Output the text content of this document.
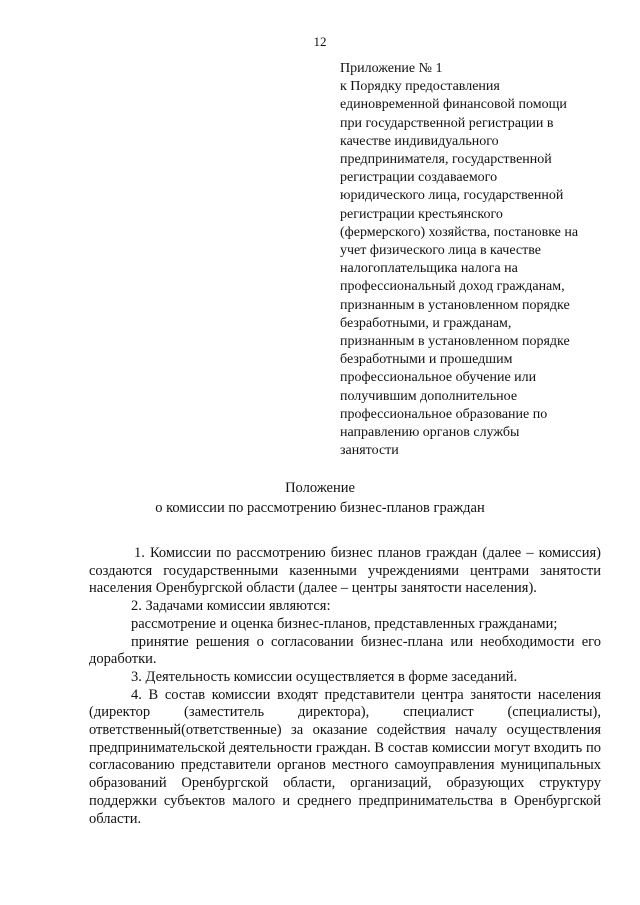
12
Приложение № 1
к Порядку предоставления
единовременной финансовой помощи
при государственной регистрации в
качестве индивидуального
предпринимателя, государственной
регистрации создаваемого
юридического лица, государственной
регистрации крестьянского
(фермерского) хозяйства, постановке на
учет физического лица в качестве
налогоплательщика налога на
профессиональный доход гражданам,
признанным в установленном порядке
безработными, и гражданам,
признанным в установленном порядке
безработными и прошедшим
профессиональное обучение или
получившим дополнительное
профессиональное образование по
направлению органов службы
занятости
Положение
о комиссии по рассмотрению бизнес-планов граждан

1. Комиссии по рассмотрению бизнес планов граждан (далее – комиссия) создаются государственными казенными учреждениями центрами занятости населения Оренбургской области (далее – центры занятости населения).

2. Задачами комиссии являются:

рассмотрение и оценка бизнес-планов, представленных гражданами;

принятие решения о согласовании бизнес-плана или необходимости его доработки.

3. Деятельность комиссии осуществляется в форме заседаний.

4. В состав комиссии входят представители центра занятости населения (директор (заместитель директора), специалист (специалисты), ответственный(ответственные) за оказание содействия началу осуществления предпринимательской деятельности граждан. В состав комиссии могут входить по согласованию представители органов местного самоуправления муниципальных образований Оренбургской области, организаций, образующих структуру поддержки субъектов малого и среднего предпринимательства в Оренбургской области.
